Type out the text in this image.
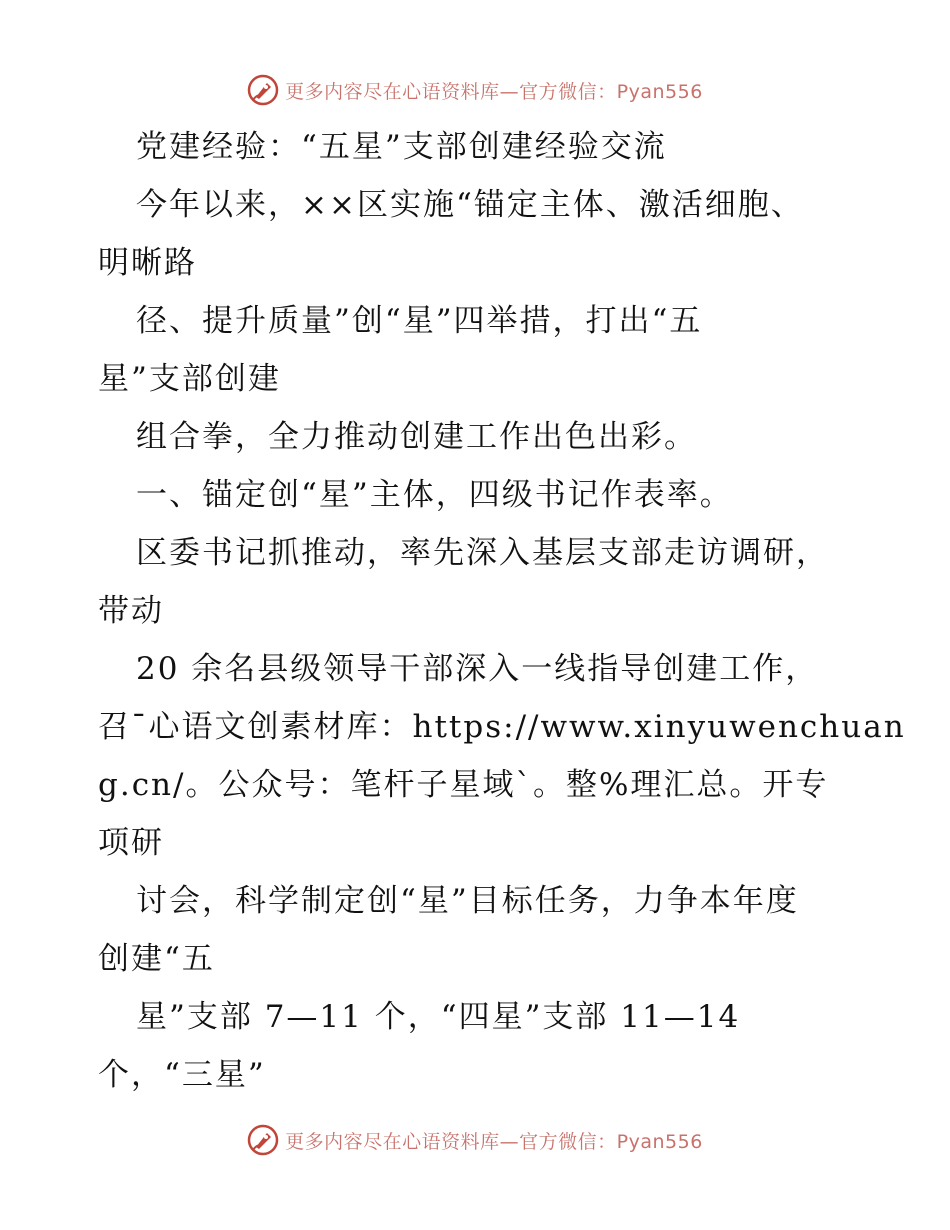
更多内容尽在心语资料库—官方微信：Pyan556
党建经验：“五星”支部创建经验交流
今年以来，××区实施“锚定主体、激活细胞、
明晰路
径、提升质量”创“星”四举措，打出“五
星”支部创建
组合拳，全力推动创建工作出色出彩。
一、锚定创“星”主体，四级书记作表率。
区委书记抓推动，率先深入基层支部走访调研，
带动
20 余名县级领导干部深入一线指导创建工作，
召¯心语文创素材库：https://www.xinyuwenchuan
g.cn/。公众号：笔杆子星域`。整%理汇总。开专
项研
讨会，科学制定创“星”目标任务，力争本年度
创建“五
星”支部 7—11 个，“四星”支部 11—14
个，“三星”
更多内容尽在心语资料库—官方微信：Pyan556
